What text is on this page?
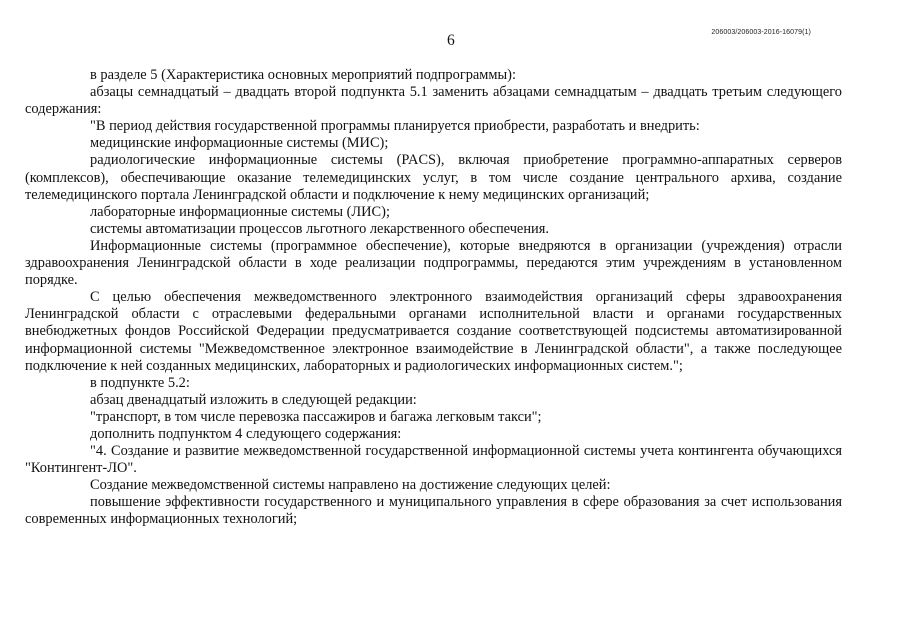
206003/206003-2016-16079(1)
6

в разделе 5 (Характеристика основных мероприятий подпрограммы):

абзацы семнадцатый – двадцать второй подпункта 5.1 заменить абзацами семнадцатым – двадцать третьим следующего содержания:

"В период действия государственной программы планируется приобрести, разработать и внедрить:

медицинские информационные системы (МИС);

радиологические информационные системы (PACS), включая приобретение программно-аппаратных серверов (комплексов), обеспечивающие оказание телемедицинских услуг, в том числе создание центрального архива, создание телемедицинского портала Ленинградской области и подключение к нему медицинских организаций;

лабораторные информационные системы (ЛИС);

системы автоматизации процессов льготного лекарственного обеспечения.

Информационные системы (программное обеспечение), которые внедряются в организации (учреждения) отрасли здравоохранения Ленинградской области в ходе реализации подпрограммы, передаются этим учреждениям в установленном порядке.

С целью обеспечения межведомственного электронного взаимодействия организаций сферы здравоохранения Ленинградской области с отраслевыми федеральными органами исполнительной власти и органами государственных внебюджетных фондов Российской Федерации предусматривается создание соответствующей подсистемы автоматизированной информационной системы "Межведомственное электронное взаимодействие в Ленинградской области", а также последующее подключение к ней созданных медицинских, лабораторных и радиологических информационных систем.";

в подпункте 5.2:

абзац двенадцатый изложить в следующей редакции:

"транспорт, в том числе перевозка пассажиров и багажа легковым такси";

дополнить подпунктом 4 следующего содержания:

"4. Создание и развитие межведомственной государственной информационной системы учета контингента обучающихся "Контингент-ЛО".

Создание межведомственной системы направлено на достижение следующих целей:

повышение эффективности государственного и муниципального управления в сфере образования за счет использования современных информационных технологий;
